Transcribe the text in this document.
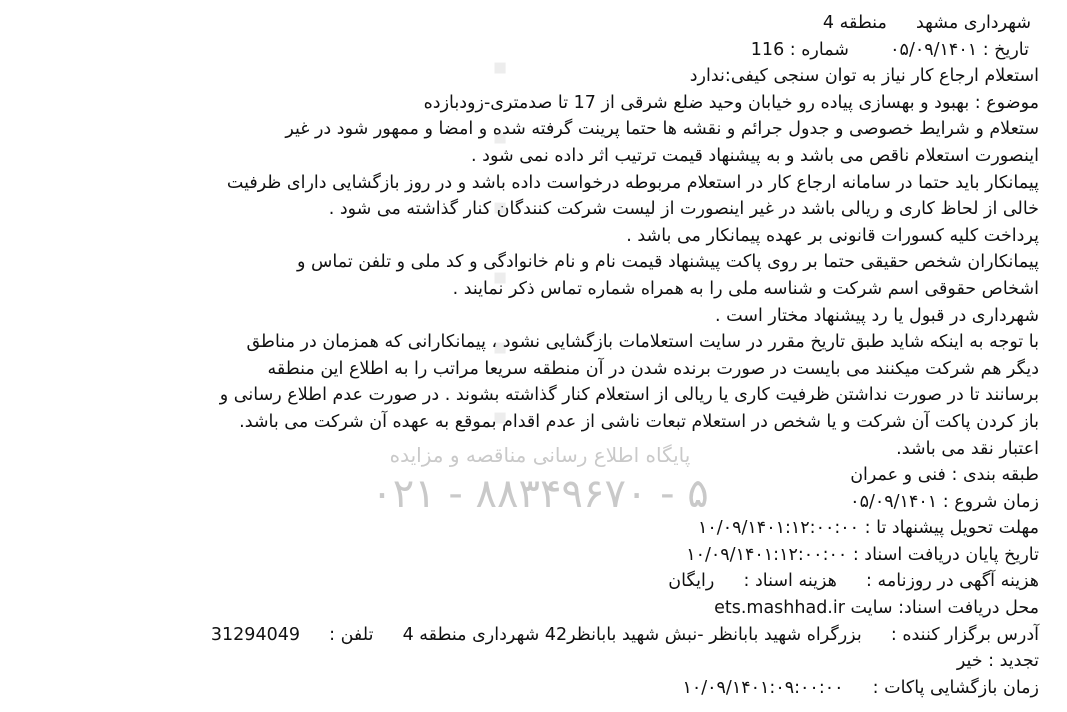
۰
۰
۰
۰
۰
۰
پایگاه اطلاع رسانی مناقصه و مزایده
۰۲۱ - ۸۸۳۴۹۶۷۰ - ۵
شهرداری مشهد  منطقه 4
تاریخ : ۰۵/۰۹/۱۴۰۱  شماره : 116
استعلام ارجاع کار نیاز به توان سنجی کیفی:ندارد
موضوع : بهبود و بهسازی پیاده رو خیابان وحید ضلع شرقی از 17 تا صدمتری-زودبازده
ستعلام و شرایط خصوصی و جدول جرائم و نقشه ها حتما پرینت گرفته شده و امضا و ممهور شود در غیر
اینصورت استعلام ناقص می باشد و به پیشنهاد قیمت ترتیب اثر داده نمی شود .
پیمانکار باید حتما در سامانه ارجاع کار در استعلام مربوطه درخواست داده باشد و در روز بازگشایی دارای ظرفیت
خالی از لحاظ کاری و ریالی باشد در غیر اینصورت از لیست شرکت کنندگان کنار گذاشته می شود .
پرداخت کلیه کسورات قانونی بر عهده پیمانکار می باشد .
پیمانکاران شخص حقیقی حتما بر روی پاکت پیشنهاد قیمت نام و نام خانوادگی و کد ملی و تلفن تماس و
اشخاص حقوقی اسم شرکت و شناسه ملی را به همراه شماره تماس ذکر نمایند .
شهرداری در قبول یا رد پیشنهاد مختار است .
با توجه به اینکه شاید طبق تاریخ مقرر در سایت استعلامات بازگشایی نشود ، پیمانکارانی که همزمان در مناطق
دیگر هم شرکت میکنند می بایست در صورت برنده شدن در آن منطقه سریعا مراتب را به اطلاع این منطقه
برسانند تا در صورت نداشتن ظرفیت کاری یا ریالی از استعلام کنار گذاشته بشوند . در صورت عدم اطلاع رسانی و
باز کردن پاکت آن شرکت و یا شخص در استعلام تبعات ناشی از عدم اقدام بموقع به عهده آن شرکت می باشد.
اعتبار نقد می باشد.
طبقه بندی : فنی و عمران
زمان شروع : ۰۵/۰۹/۱۴۰۱
مهلت تحویل پیشنهاد تا : ۱۰/۰۹/۱۴۰۱:۱۲:۰۰:۰۰
تاریخ پایان دریافت اسناد : ۱۰/۰۹/۱۴۰۱:۱۲:۰۰:۰۰
هزینه آگهی در روزنامه :  هزینه اسناد :  رایگان
محل دریافت اسناد: سایت ets.mashhad.ir
آدرس برگزار کننده :  بزرگراه شهید بابانظر -نبش شهید بابانظر42 شهرداری منطقه 4  تلفن :  31294049
تجدید : خیر
زمان بازگشایی پاکات :  ۱۰/۰۹/۱۴۰۱:۰۹:۰۰:۰۰
